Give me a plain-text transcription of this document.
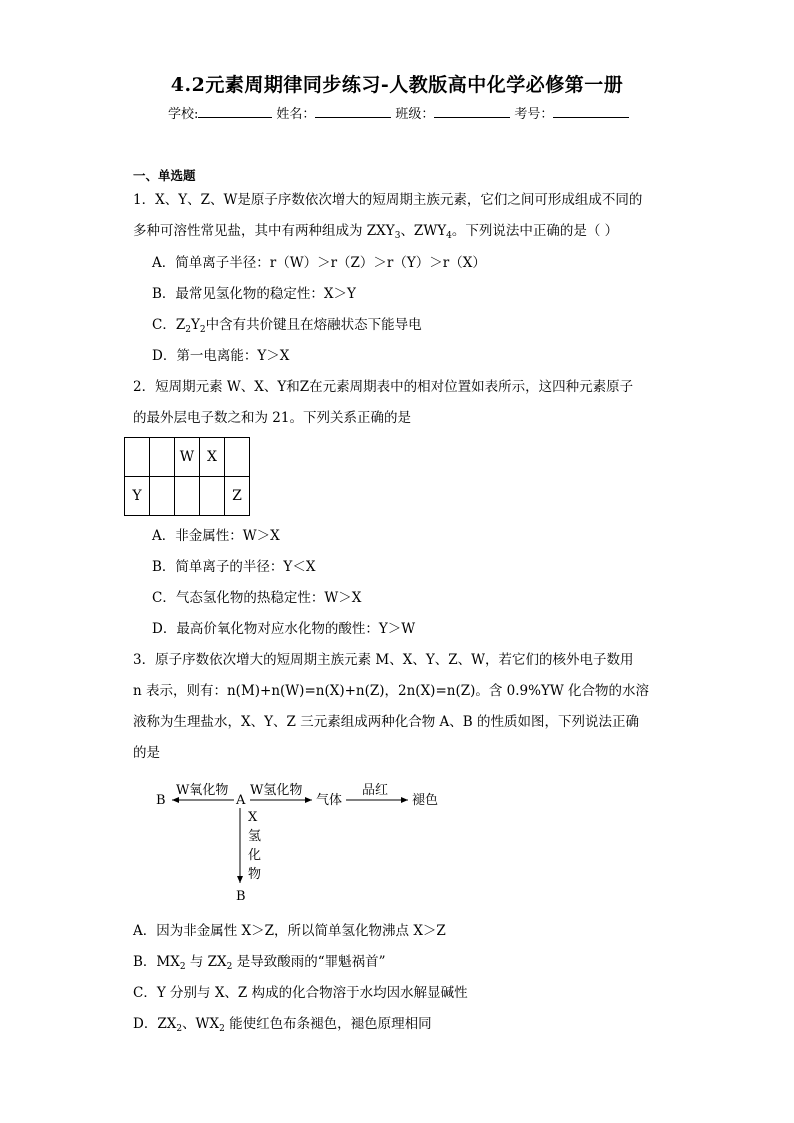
4.2元素周期律同步练习-人教版高中化学必修第一册
学校:	姓名：	班级：	考号：
一、单选题
1．X、Y、Z、W是原子序数依次增大的短周期主族元素，它们之间可形成组成不同的
多种可溶性常见盐，其中有两种组成为 $ZXY_3$、$ZWY_4$。下列说法中正确的是（ ）
A．简单离子半径：r（W）＞r（Z）＞r（Y）＞r（X）
B．最常见氢化物的稳定性：X＞Y
C．$Z_2Y_2$中含有共价键且在熔融状态下能导电
D．第一电离能：Y＞X
2．短周期元素 W、X、Y和Z在元素周期表中的相对位置如表所示，这四种元素原子
的最外层电子数之和为 21。下列关系正确的是
		W	X	
Y				Z
A．非金属性：W＞X
B．简单离子的半径：Y＜X
C．气态氢化物的热稳定性：W＞X
D．最高价氧化物对应水化物的酸性：Y＞W
3．原子序数依次增大的短周期主族元素 M、X、Y、Z、W，若它们的核外电子数用
n 表示，则有：n(M)+n(W)=n(X)+n(Z)，2n(X)=n(Z)。含 0.9%YW 化合物的水溶
液称为生理盐水，X、Y、Z 三元素组成两种化合物 A、B 的性质如图，下列说法正确
的是
B
W氧化物
A
W氢化物
气体
品红
褪色
X
氢
化
物
B
A．因为非金属性 X＞Z，所以简单氢化物沸点 X＞Z
B．$MX_2$ 与 $ZX_2$ 是导致酸雨的“罪魁祸首”
C．Y 分别与 X、Z 构成的化合物溶于水均因水解显碱性
D．$ZX_2$、$WX_2$ 能使红色布条褪色，褪色原理相同
